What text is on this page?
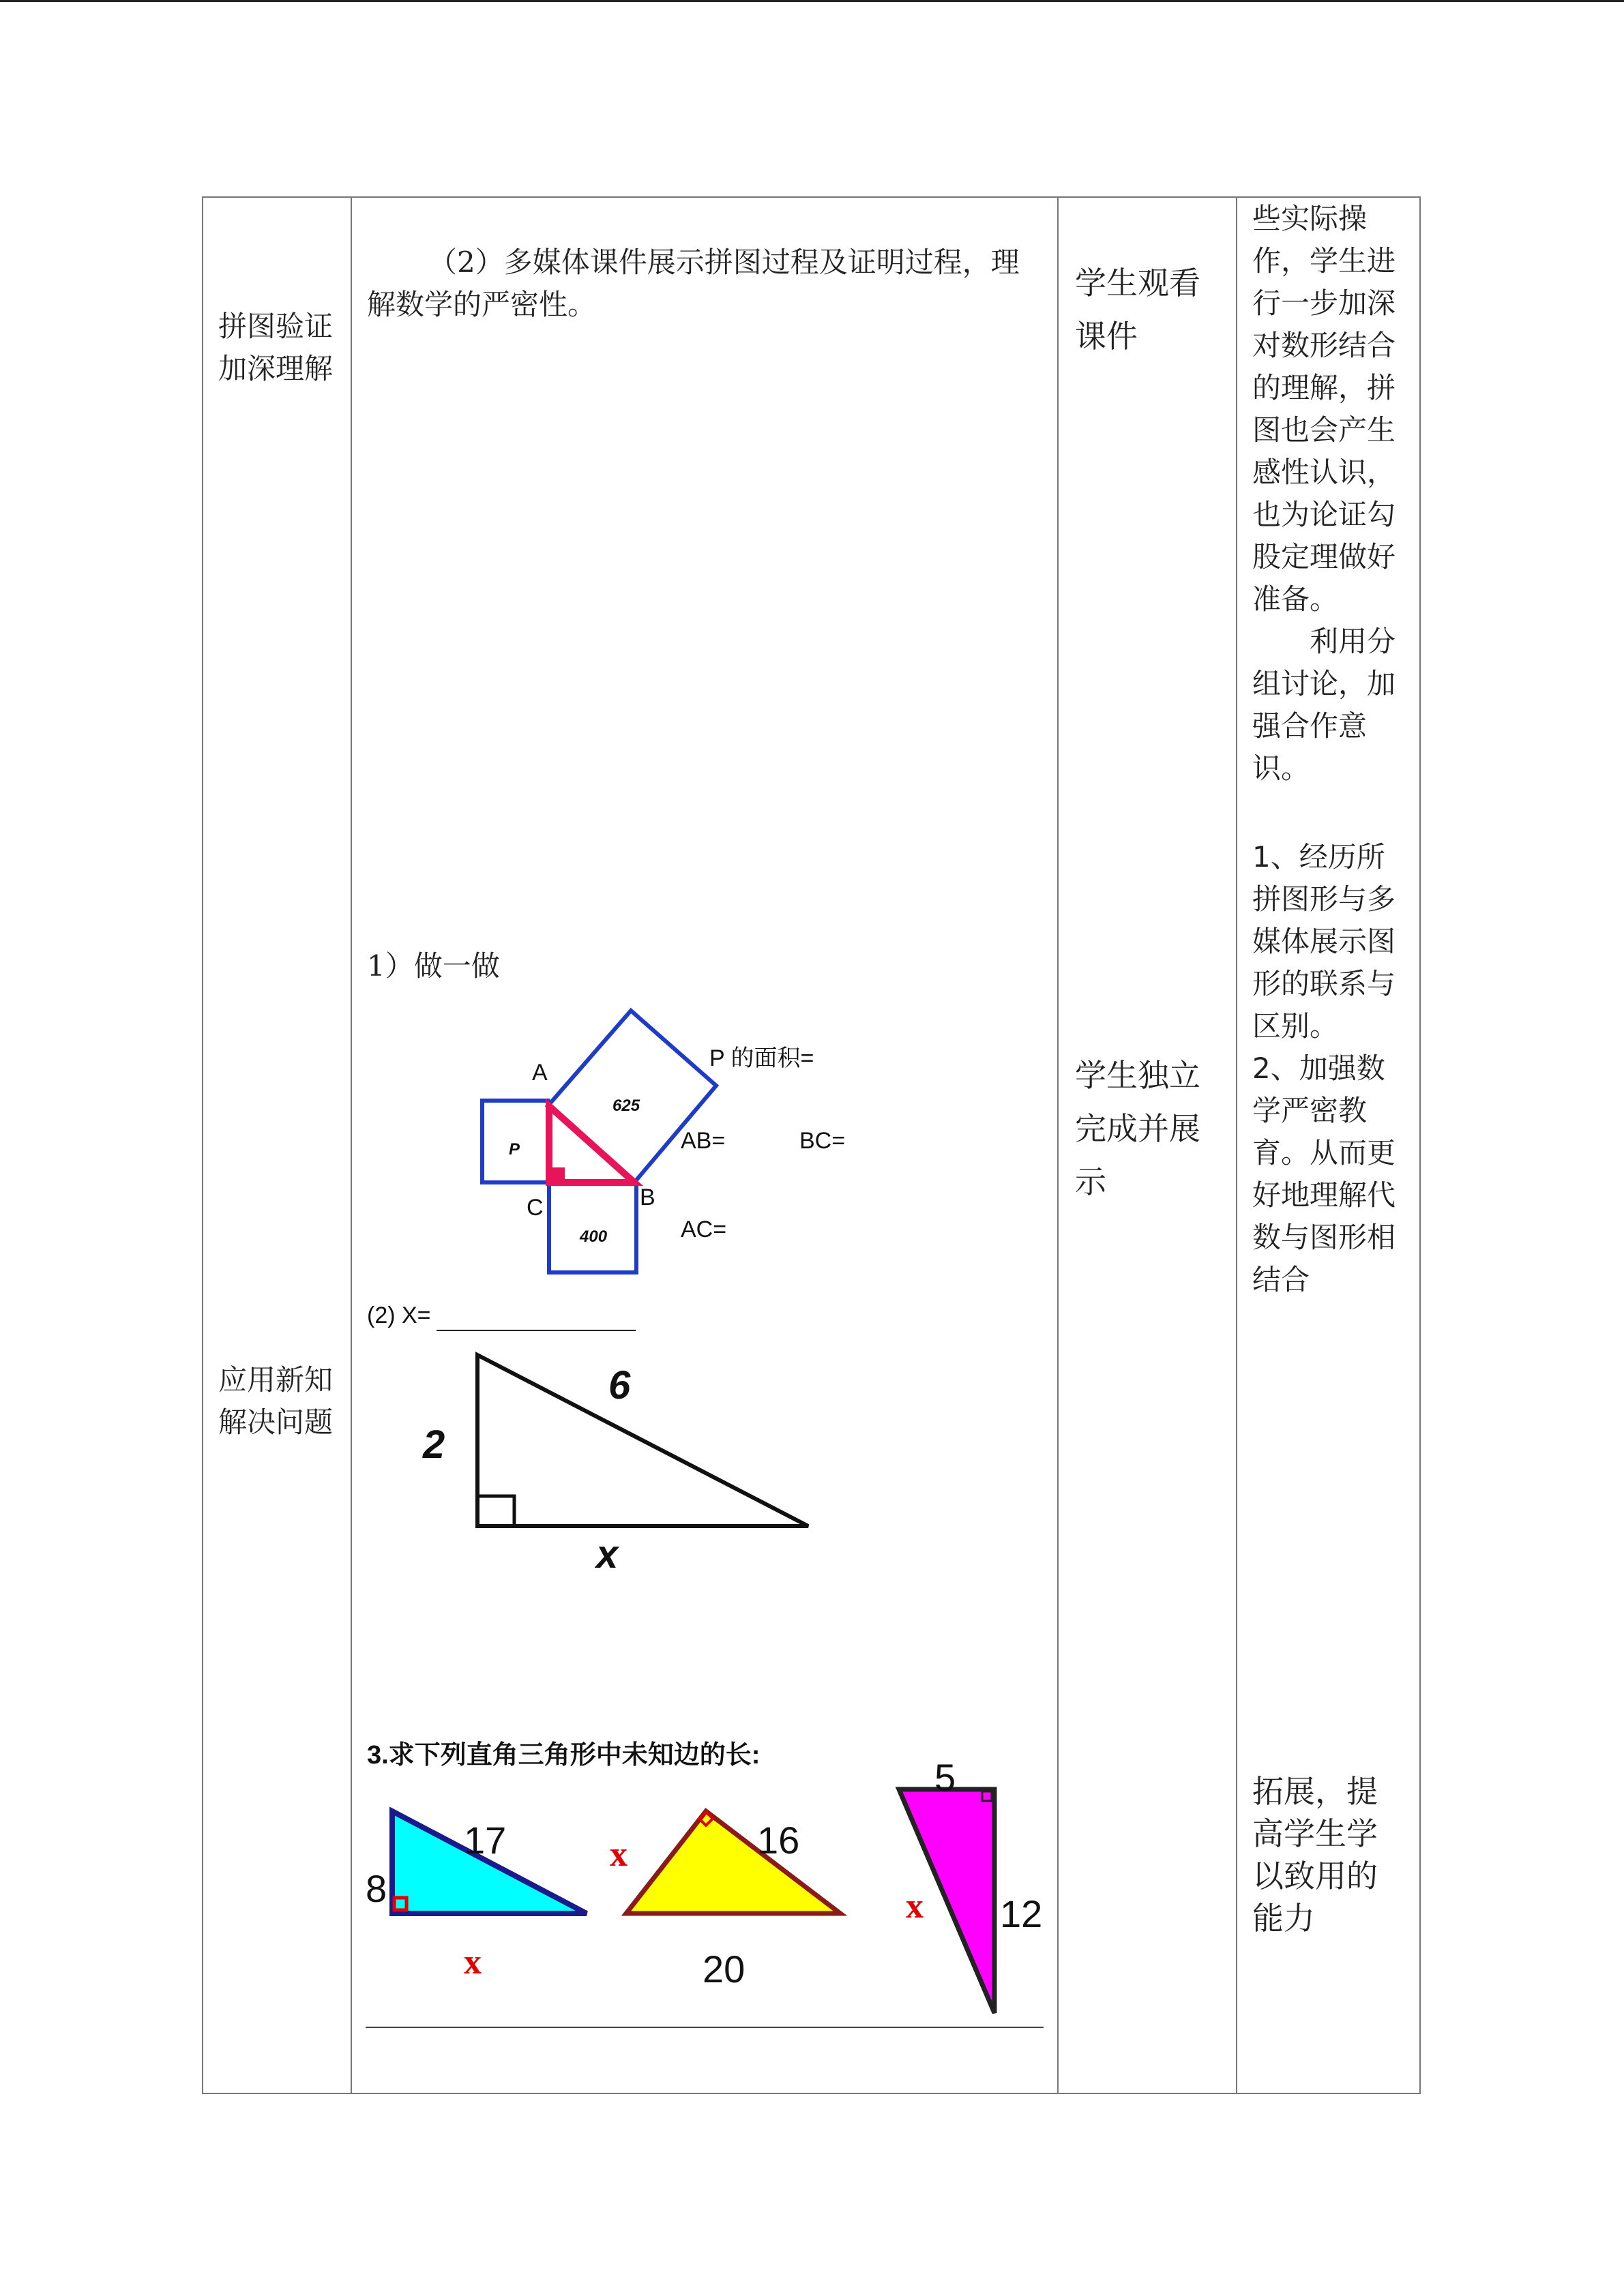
拼图验证
加深理解
应用新知
解决问题
（2）多媒体课件展示拼图过程及证明过程，理解数学的严密性。
1）做一做
A
B
C
625
P
400
P 的面积=
AB=	BC=
AC=
(2) X=
2
6
x
3.求下列直角三角形中未知边的长:
8
17
x
x	16
20
5
x 12
学生观看
课件
学生独立
完成并展
示
些实际操
作，学生进
行一步加深
对数形结合
的理解，拼
图也会产生
感性认识，
也为论证勾
股定理做好
准备。
　　利用分
组讨论，加
强合作意
识。
1、经历所
拼图形与多
媒体展示图
形的联系与
区别。
2、加强数
学严密教
育。从而更
好地理解代
数与图形相
结合
拓展，提
高学生学
以致用的
能力
